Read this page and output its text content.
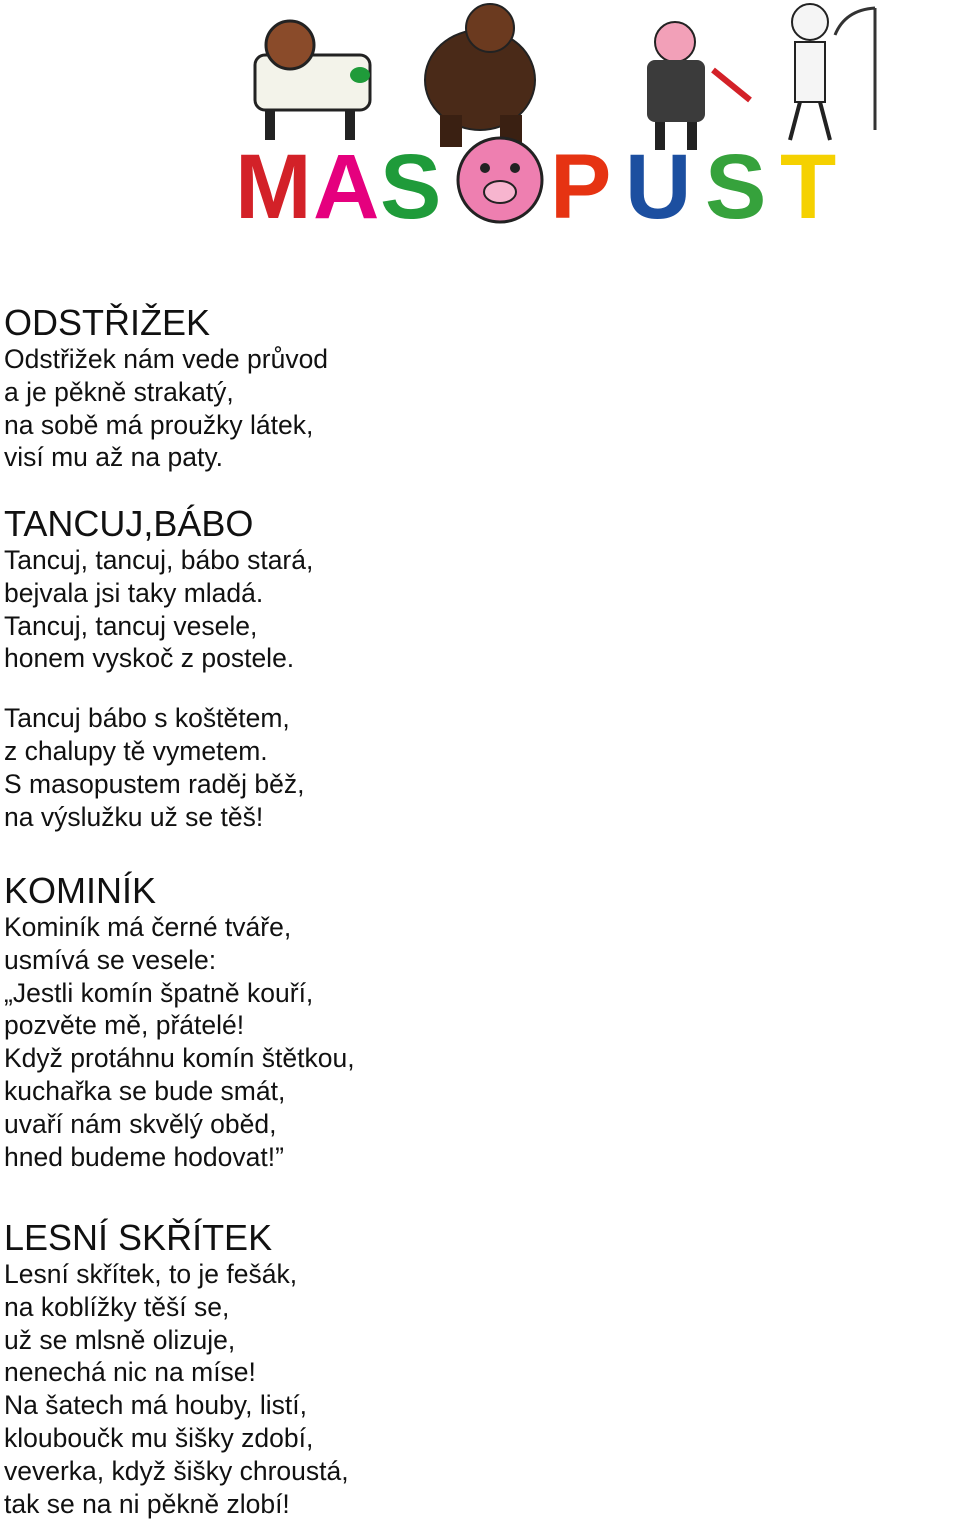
M A S P U S T
ODSTŘIŽEK
Odstřižek nám vede průvod
a je pěkně strakatý,
na sobě má proužky látek,
visí mu až na paty.
TANCUJ,BÁBO
Tancuj, tancuj, bábo stará,
bejvala jsi taky mladá.
Tancuj, tancuj vesele,
honem vyskoč z postele.
Tancuj bábo s koštětem,
z chalupy tě vymetem.
S masopustem raděj běž,
na výslužku už se těš!
KOMINÍK
Kominík má černé tváře,
usmívá se vesele:
„Jestli komín špatně kouří,
pozvěte mě, přátelé!
Když protáhnu komín štětkou,
kuchařka se bude smát,
uvaří nám skvělý oběd,
hned budeme hodovat!”
LESNÍ SKŘÍTEK
Lesní skřítek, to je fešák,
na koblížky těší se,
už se mlsně olizuje,
nenechá nic na míse!
Na šatech má houby, listí,
klouboučk mu šišky zdobí,
veverka, když šišky chroustá,
tak se na ni pěkně zlobí!
